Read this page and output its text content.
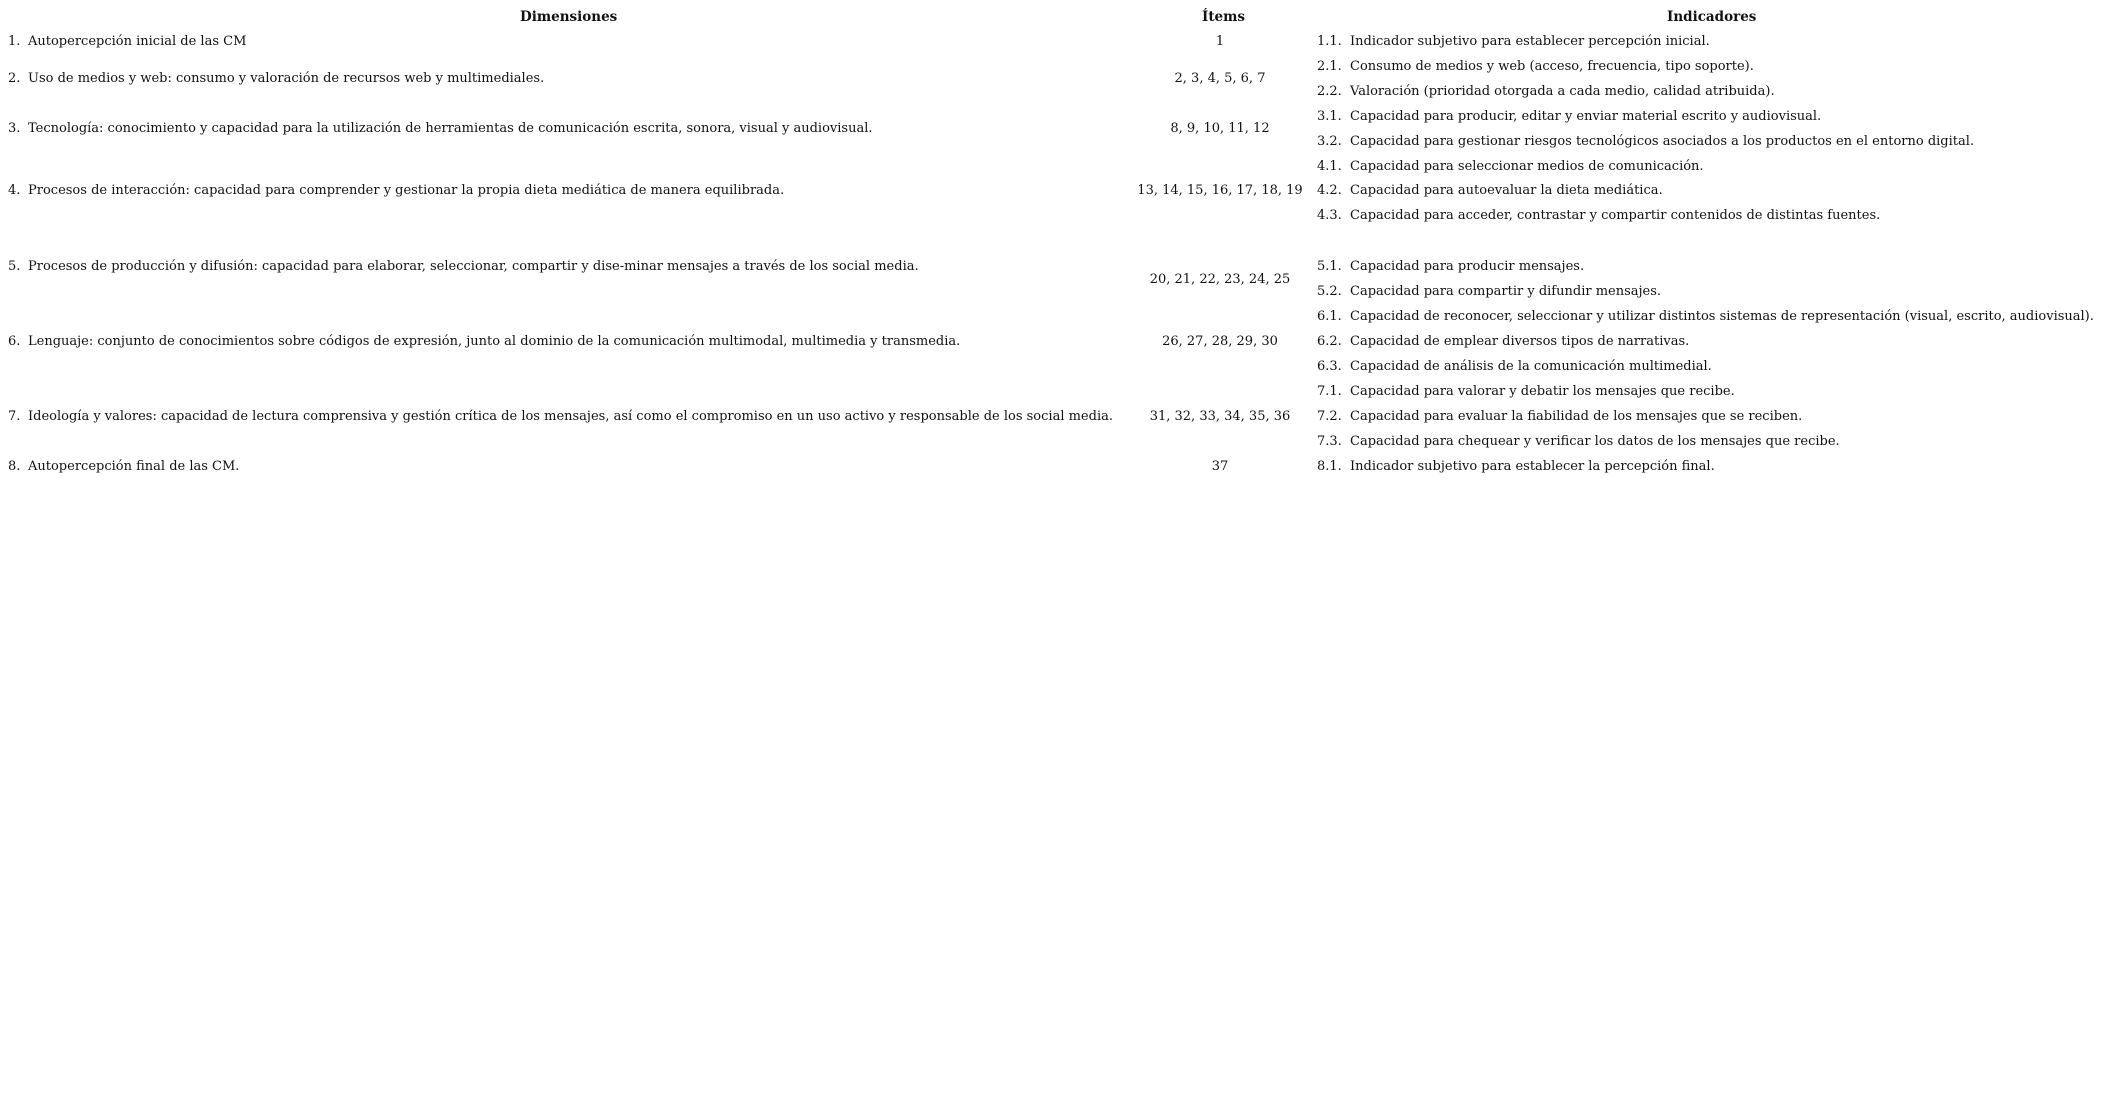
Dimensiones	Ítems	Indicadores
1. Autopercepción inicial de las CM
2. Uso de medios y web: consumo y valoración de recursos web y multimediales.
3. Tecnología: conocimiento y capacidad para la utilización de herramientas de comunicación escrita, sonora, visual y audiovisual.
4. Procesos de interacción: capacidad para comprender y gestionar la propia dieta mediática de manera equilibrada.
5. Procesos de producción y difusión: capacidad para elaborar, seleccionar, compartir y dise-minar mensajes a través de los social media.
6. Lenguaje: conjunto de conocimientos sobre códigos de expresión, junto al dominio de la comunicación multimodal, multimedia y transmedia.
7. Ideología y valores: capacidad de lectura comprensiva y gestión crítica de los mensajes, así como el compromiso en un uso activo y responsable de los social media.
8. Autopercepción final de las CM.
1
2, 3, 4, 5, 6, 7
8, 9, 10, 11, 12
13, 14, 15, 16, 17, 18, 19
20, 21, 22, 23, 24, 25
26, 27, 28, 29, 30
31, 32, 33, 34, 35, 36
37
1.1. Indicador subjetivo para establecer percepción inicial.
2.1. Consumo de medios y web (acceso, frecuencia, tipo soporte).
2.2. Valoración (prioridad otorgada a cada medio, calidad atribuida).
3.1. Capacidad para producir, editar y enviar material escrito y audiovisual.
3.2. Capacidad para gestionar riesgos tecnológicos asociados a los productos en el entorno digital.
4.1. Capacidad para seleccionar medios de comunicación.
4.2. Capacidad para autoevaluar la dieta mediática.
4.3. Capacidad para acceder, contrastar y compartir contenidos de distintas fuentes.
5.1. Capacidad para producir mensajes.
5.2. Capacidad para compartir y difundir mensajes.
6.1. Capacidad de reconocer, seleccionar y utilizar distintos sistemas de representación (visual, escrito, audiovisual).
6.2. Capacidad de emplear diversos tipos de narrativas.
6.3. Capacidad de análisis de la comunicación multimedial.
7.1. Capacidad para valorar y debatir los mensajes que recibe.
7.2. Capacidad para evaluar la fiabilidad de los mensajes que se reciben.
7.3. Capacidad para chequear y verificar los datos de los mensajes que recibe.
8.1. Indicador subjetivo para establecer la percepción final.
